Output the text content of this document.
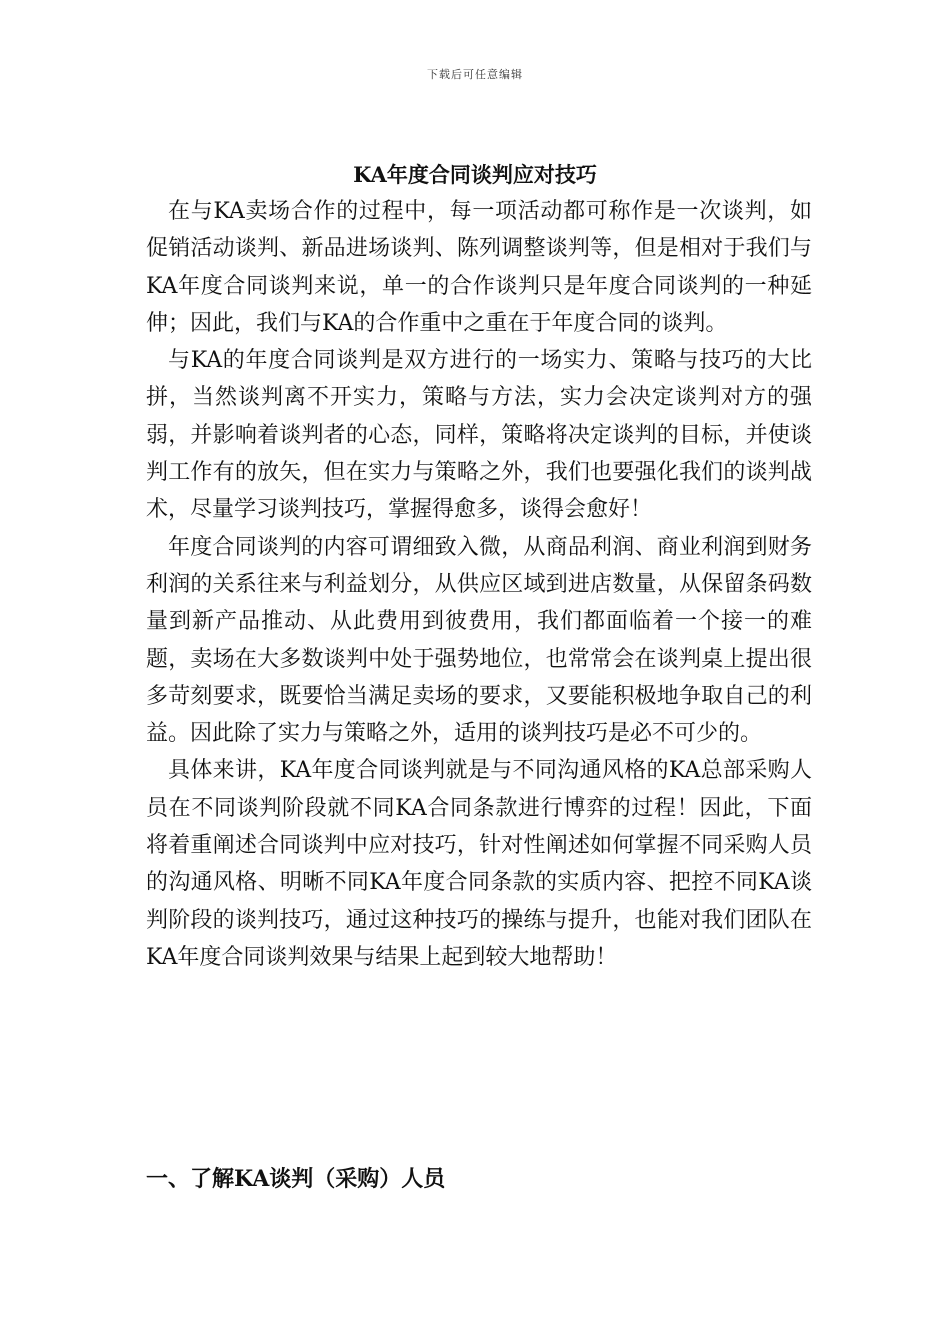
下载后可任意编辑
KA年度合同谈判应对技巧

在与KA卖场合作的过程中，每一项活动都可称作是一次谈判，如促销活动谈判、新品进场谈判、陈列调整谈判等，但是相对于我们与KA年度合同谈判来说，单一的合作谈判只是年度合同谈判的一种延伸；因此，我们与KA的合作重中之重在于年度合同的谈判。

与KA的年度合同谈判是双方进行的一场实力、策略与技巧的大比拼，当然谈判离不开实力，策略与方法，实力会决定谈判对方的强弱，并影响着谈判者的心态，同样，策略将决定谈判的目标，并使谈判工作有的放矢，但在实力与策略之外，我们也要强化我们的谈判战术，尽量学习谈判技巧，掌握得愈多，谈得会愈好！

年度合同谈判的内容可谓细致入微，从商品利润、商业利润到财务利润的关系往来与利益划分，从供应区域到进店数量，从保留条码数量到新产品推动、从此费用到彼费用，我们都面临着一个接一的难题，卖场在大多数谈判中处于强势地位，也常常会在谈判桌上提出很多苛刻要求，既要恰当满足卖场的要求，又要能积极地争取自己的利益。因此除了实力与策略之外，适用的谈判技巧是必不可少的。

具体来讲，KA年度合同谈判就是与不同沟通风格的KA总部采购人员在不同谈判阶段就不同KA合同条款进行博弈的过程！因此，下面将着重阐述合同谈判中应对技巧，针对性阐述如何掌握不同采购人员的沟通风格、明晰不同KA年度合同条款的实质内容、把控不同KA谈判阶段的谈判技巧，通过这种技巧的操练与提升，也能对我们团队在KA年度合同谈判效果与结果上起到较大地帮助！

一、了解KA谈判（采购）人员
